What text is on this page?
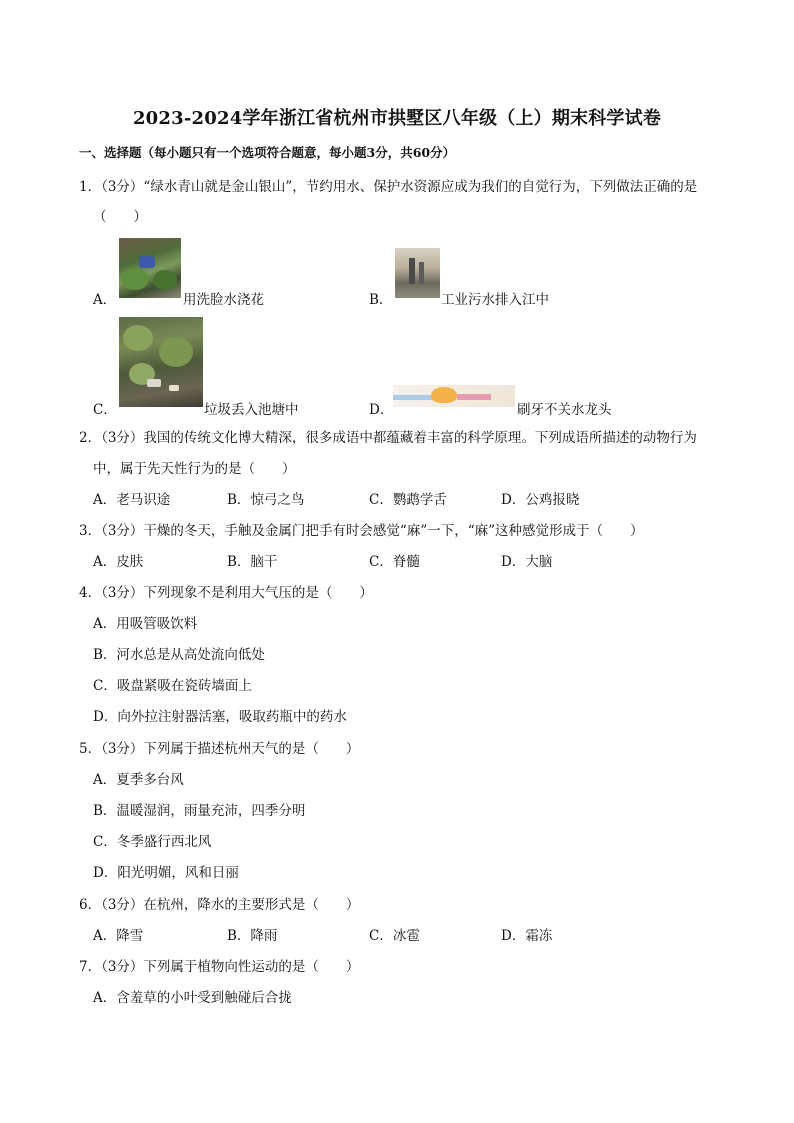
2023-2024学年浙江省杭州市拱墅区八年级（上）期末科学试卷
一、选择题（每小题只有一个选项符合题意，每小题3分，共60分）
1．（3分）“绿水青山就是金山银山”，节约用水、保护水资源应成为我们的自觉行为，下列做法正确的是
（　　）
A．	用洗脸水浇花	B．	工业污水排入江中
C．	垃圾丢入池塘中	D．	刷牙不关水龙头
2．（3分）我国的传统文化博大精深，很多成语中都蕴藏着丰富的科学原理。下列成语所描述的动物行为
中，属于先天性行为的是（　　）
A．老马识途	B．惊弓之鸟	C．鹦鹉学舌	D．公鸡报晓
3．（3分）干燥的冬天，手触及金属门把手有时会感觉“麻”一下，“麻”这种感觉形成于（　　）
A．皮肤	B．脑干	C．脊髓	D．大脑
4．（3分）下列现象不是利用大气压的是（　　）
A．用吸管吸饮料
B．河水总是从高处流向低处
C．吸盘紧吸在瓷砖墙面上
D．向外拉注射器活塞，吸取药瓶中的药水
5．（3分）下列属于描述杭州天气的是（　　）
A．夏季多台风
B．温暖湿润，雨量充沛，四季分明
C．冬季盛行西北风
D．阳光明媚，风和日丽
6．（3分）在杭州，降水的主要形式是（　　）
A．降雪	B．降雨	C．冰雹	D．霜冻
7．（3分）下列属于植物向性运动的是（　　）
A．含羞草的小叶受到触碰后合拢
